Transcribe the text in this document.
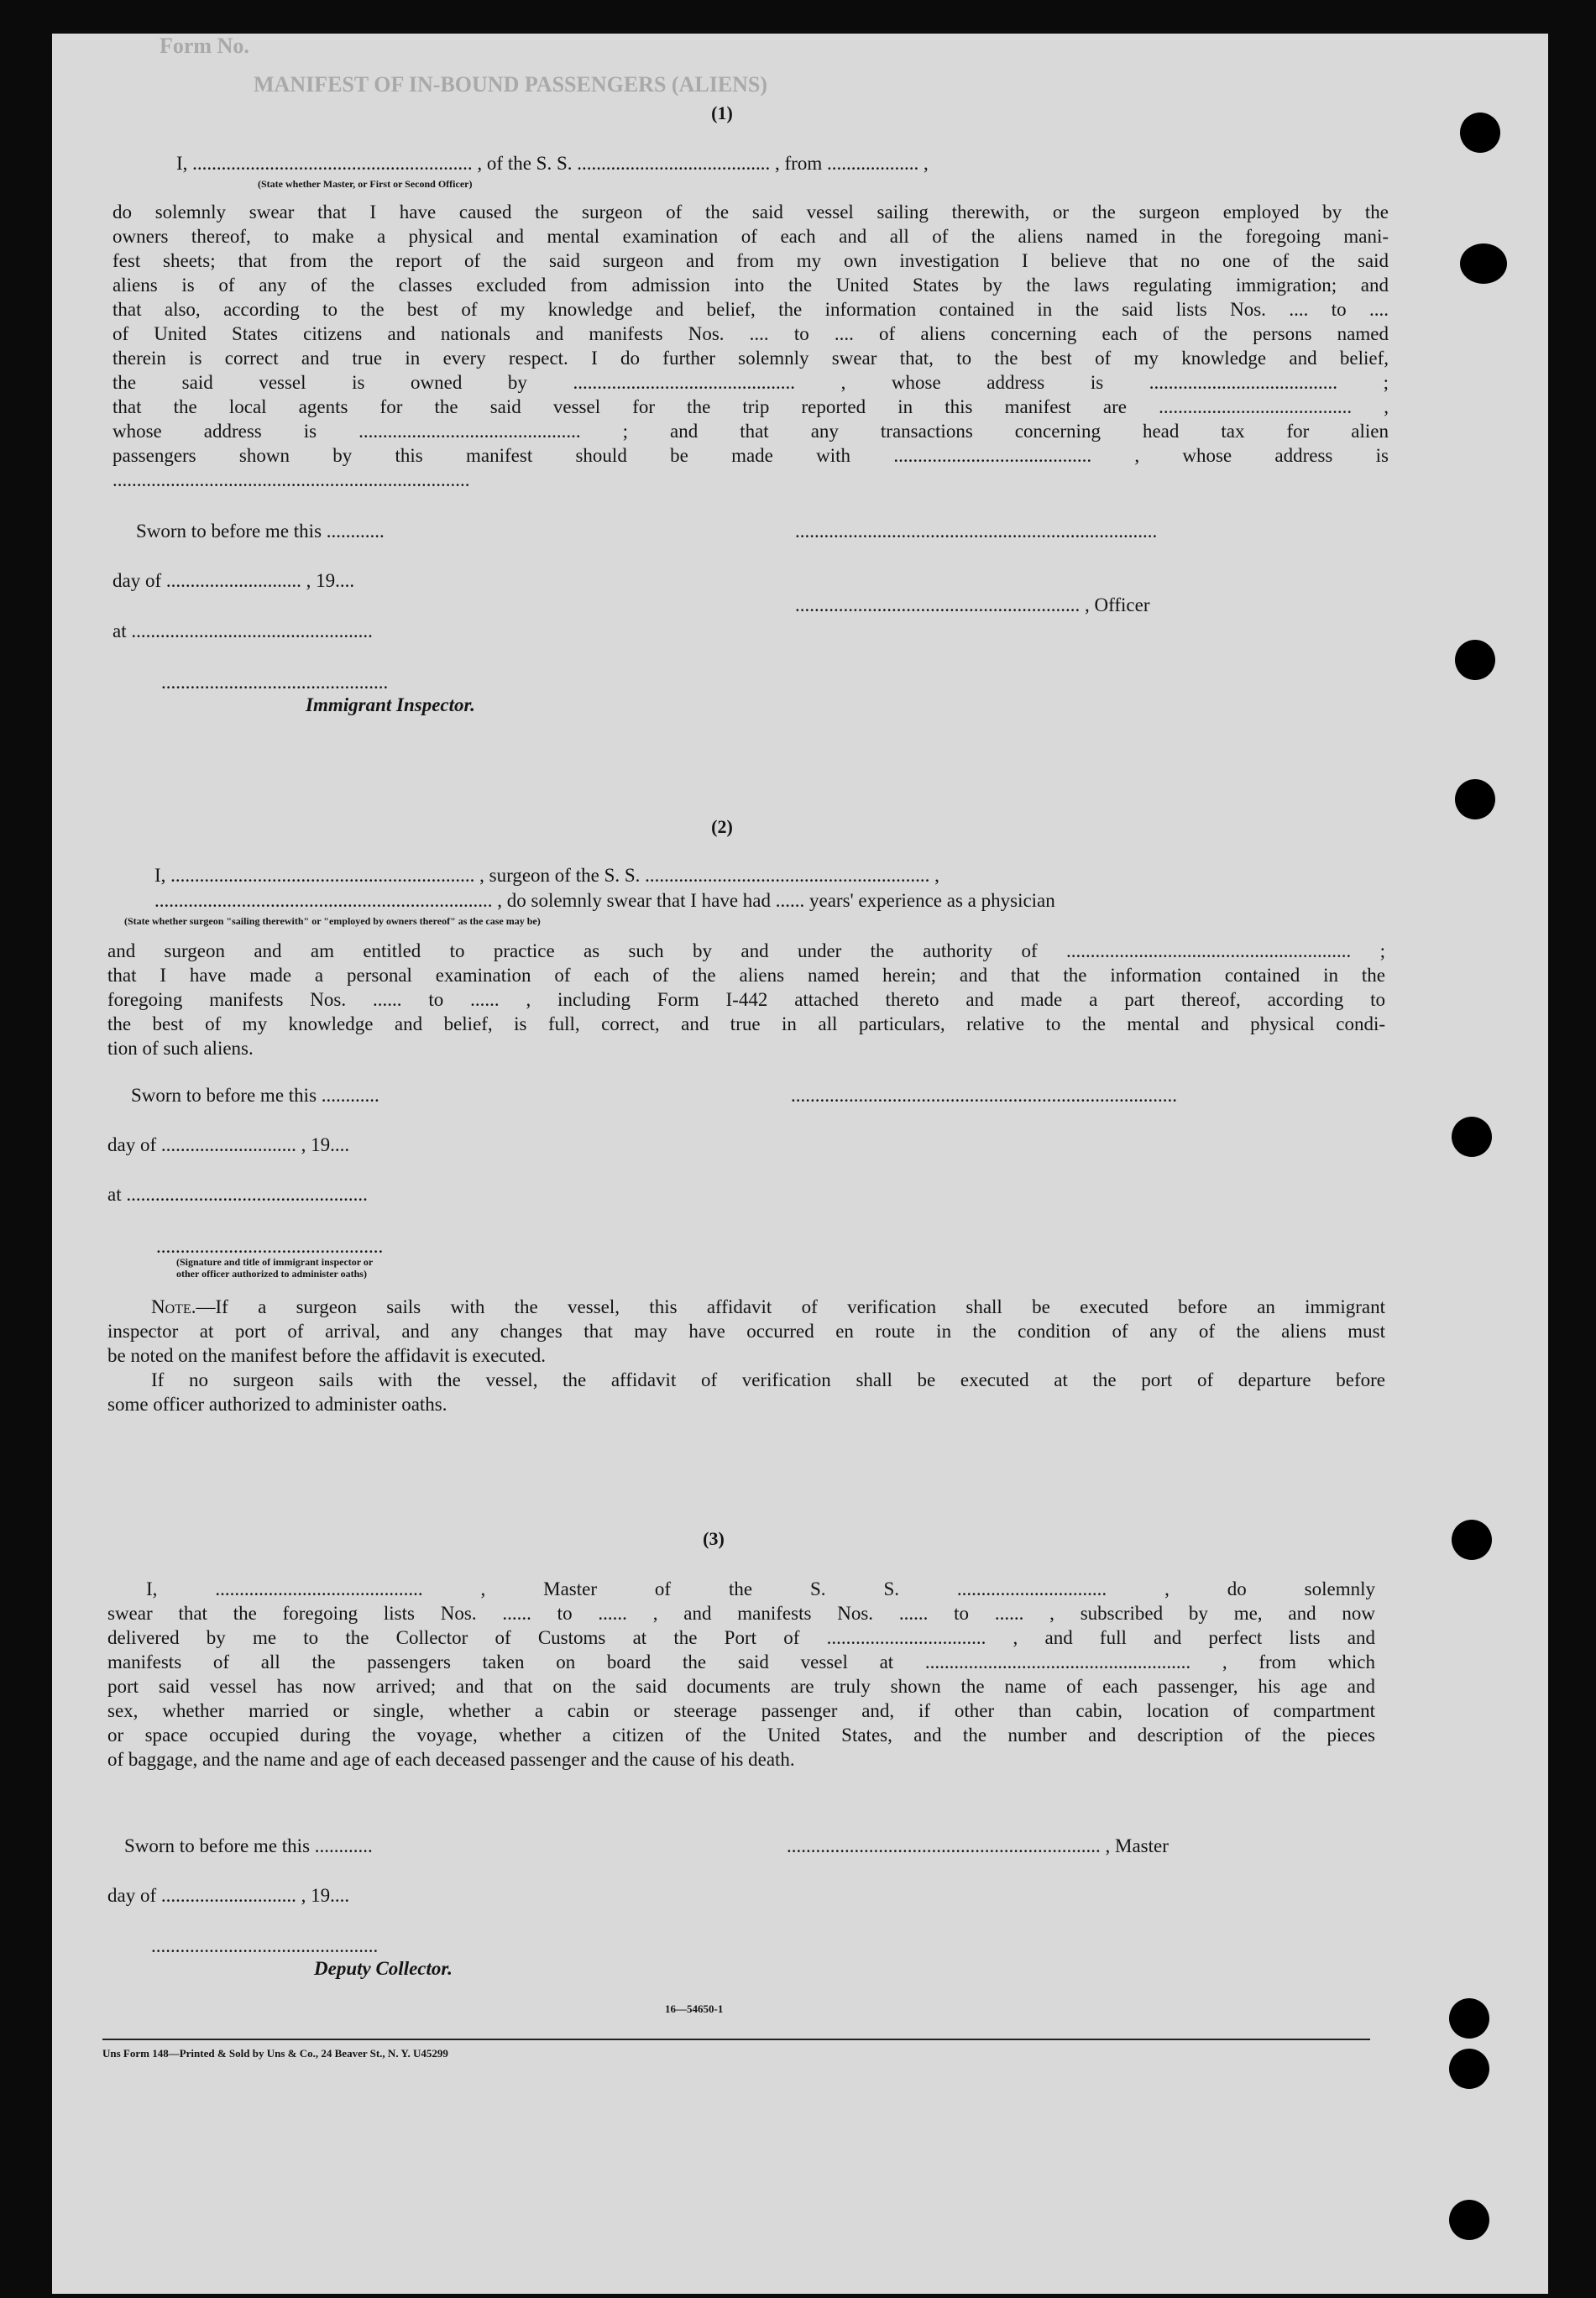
Form No.
MANIFEST OF IN-BOUND PASSENGERS (ALIENS)
(1)
I, .......................................................... , of the S. S. ........................................ , from ................... ,
(State whether Master, or First or Second Officer)
do solemnly swear that I have caused the surgeon of the said vessel sailing therewith, or the surgeon employed by the
owners thereof, to make a physical and mental examination of each and all of the aliens named in the foregoing mani-
fest sheets; that from the report of the said surgeon and from my own investigation I believe that no one of the said
aliens is of any of the classes excluded from admission into the United States by the laws regulating immigration; and
that also, according to the best of my knowledge and belief, the information contained in the said lists Nos. .... to ....
of United States citizens and nationals and manifests Nos. .... to .... of aliens concerning each of the persons named
therein is correct and true in every respect. I do further solemnly swear that, to the best of my knowledge and belief,
the said vessel is owned by .............................................. , whose address is ....................................... ;
that the local agents for the said vessel for the trip reported in this manifest are ........................................ ,
whose address is .............................................. ; and that any transactions concerning head tax for alien
passengers shown by this manifest should be made with ......................................... , whose address is
..........................................................................
Sworn to before me this ............	...........................................................................
day of ............................ , 19....
........................................................... , Officer
at ..................................................
...............................................
Immigrant Inspector.
(2)
I, ............................................................... , surgeon of the S. S. ........................................................... ,
...................................................................... , do solemnly swear that I have had ...... years' experience as a physician
(State whether surgeon "sailing therewith" or "employed by owners thereof" as the case may be)
and surgeon and am entitled to practice as such by and under the authority of ........................................................... ;
that I have made a personal examination of each of the aliens named herein; and that the information contained in the
foregoing manifests Nos. ...... to ...... , including Form I-442 attached thereto and made a part thereof, according to
the best of my knowledge and belief, is full, correct, and true in all particulars, relative to the mental and physical condi-
tion of such aliens.
Sworn to before me this ............	................................................................................
day of ............................ , 19....
at ..................................................
...............................................
(Signature and title of immigrant inspector or
other officer authorized to administer oaths)
Note.—If a surgeon sails with the vessel, this affidavit of verification shall be executed before an immigrant
inspector at port of arrival, and any changes that may have occurred en route in the condition of any of the aliens must
be noted on the manifest before the affidavit is executed.
If no surgeon sails with the vessel, the affidavit of verification shall be executed at the port of departure before
some officer authorized to administer oaths.
(3)
I, ........................................... , Master of the S. S. ............................... , do solemnly
swear that the foregoing lists Nos. ...... to ...... , and manifests Nos. ...... to ...... , subscribed by me, and now
delivered by me to the Collector of Customs at the Port of ................................. , and full and perfect lists and
manifests of all the passengers taken on board the said vessel at ....................................................... , from which
port said vessel has now arrived; and that on the said documents are truly shown the name of each passenger, his age and
sex, whether married or single, whether a cabin or steerage passenger and, if other than cabin, location of compartment
or space occupied during the voyage, whether a citizen of the United States, and the number and description of the pieces
of baggage, and the name and age of each deceased passenger and the cause of his death.
Sworn to before me this ............	................................................................. , Master
day of ............................ , 19....
...............................................
Deputy Collector.
16—54650-1
Uns Form 148—Printed & Sold by Uns & Co., 24 Beaver St., N. Y. U45299
